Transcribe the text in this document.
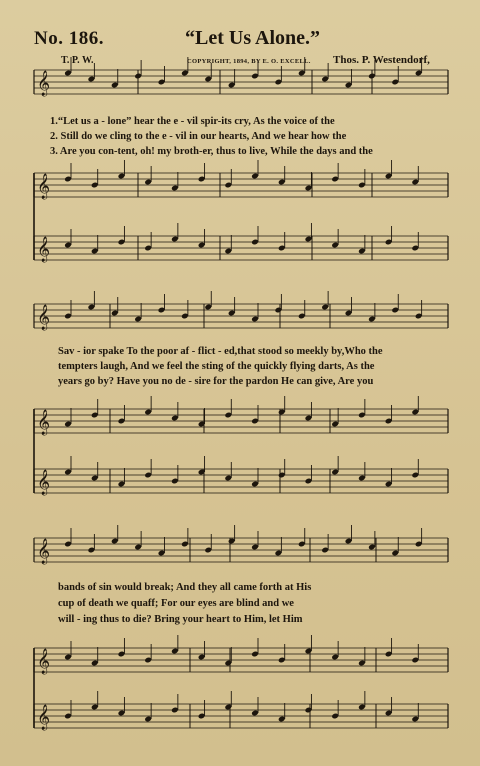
No. 186.	“Let Us Alone.”
T. P. W.	COPYRIGHT, 1894, BY E. O. EXCELL. Thos. P. Westendorf,
𝄞
𝄞
𝄞
𝄞
𝄞
𝄞
𝄞
𝄞
𝄞
1.“Let us a - lone” hear the e - vil spir-its cry, As the voice of the
2. Still do we cling to the e - vil in our hearts, And we hear how the
3. Are you con-tent, oh! my broth-er, thus to live, While the days and the
Sav - ior spake To the poor af - flict - ed,that stood so meekly by,Who the
tempters laugh, And we feel the sting of the quickly flying darts, As the
years go by? Have you no de - sire for the pardon He can give, Are you
bands of sin would break; And they all came forth at His
cup of death we quaff; For our eyes are blind and we
will - ing thus to die? Bring your heart to Him, let Him
